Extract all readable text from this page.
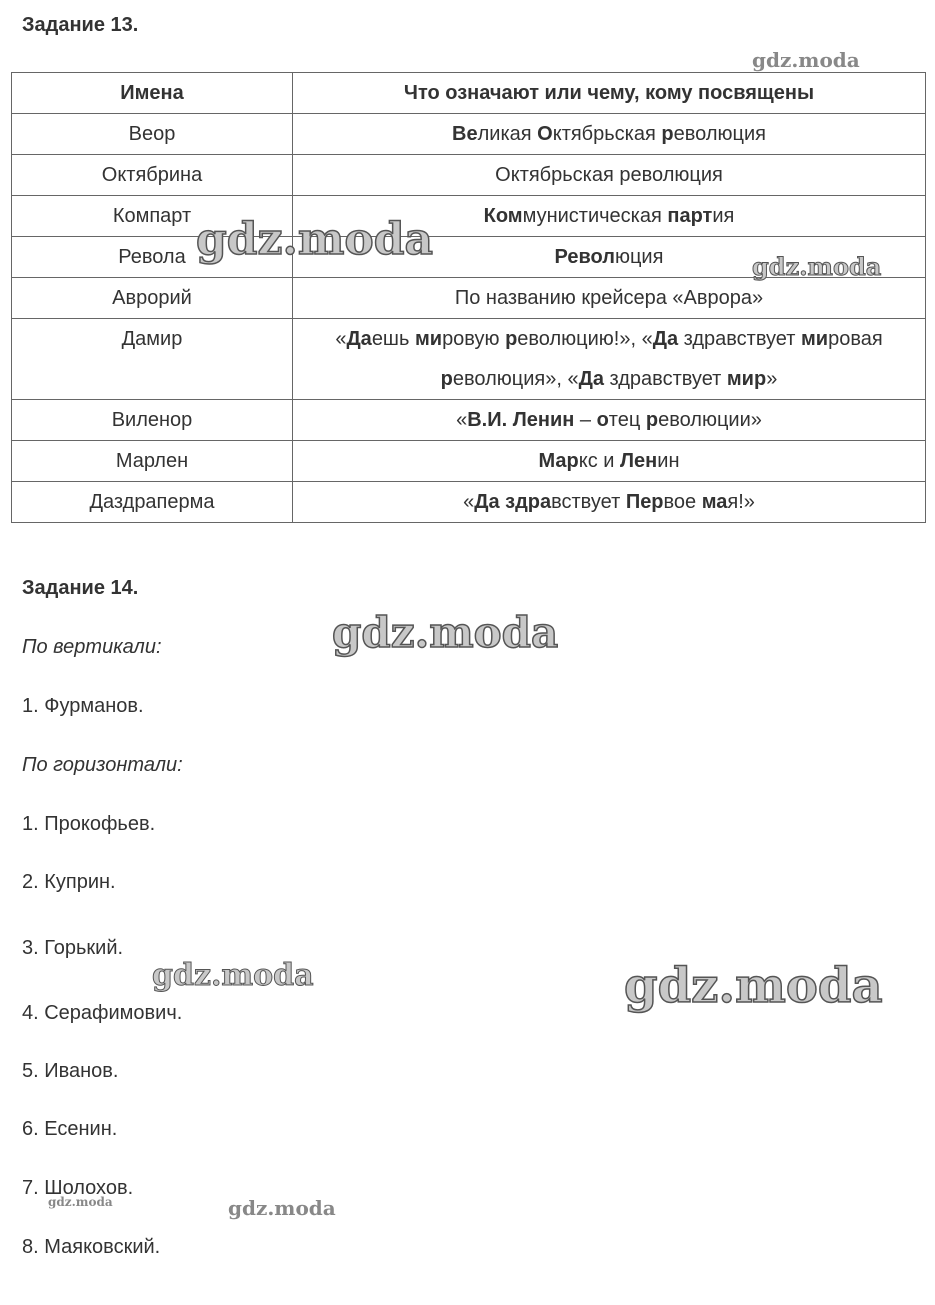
Задание 13.
Имена	Что означают или чему, кому посвящены
Веор	Великая Октябрьская революция
Октябрина	Октябрьская революция
Компарт	Коммунистическая партия
Револа	Революция
Аврорий	По названию крейсера «Аврора»
Дамир	«Даешь мировую революцию!», «Да здравствует мировая революция», «Да здравствует мир»
Виленор	«В.И. Ленин – отец революции»
Марлен	Маркс и Ленин
Даздраперма	«Да здравствует Первое мая!»
Задание 14.
По вертикали:
1. Фурманов.
По горизонтали:
1. Прокофьев.
2. Куприн.
3. Горький.
4. Серафимович.
5. Иванов.
6. Есенин.
7. Шолохов.
8. Маяковский.
gdz.moda
gdz.moda
gdz.moda
gdz.moda
gdz.moda	gdz.moda
gdz.moda	gdz.moda
